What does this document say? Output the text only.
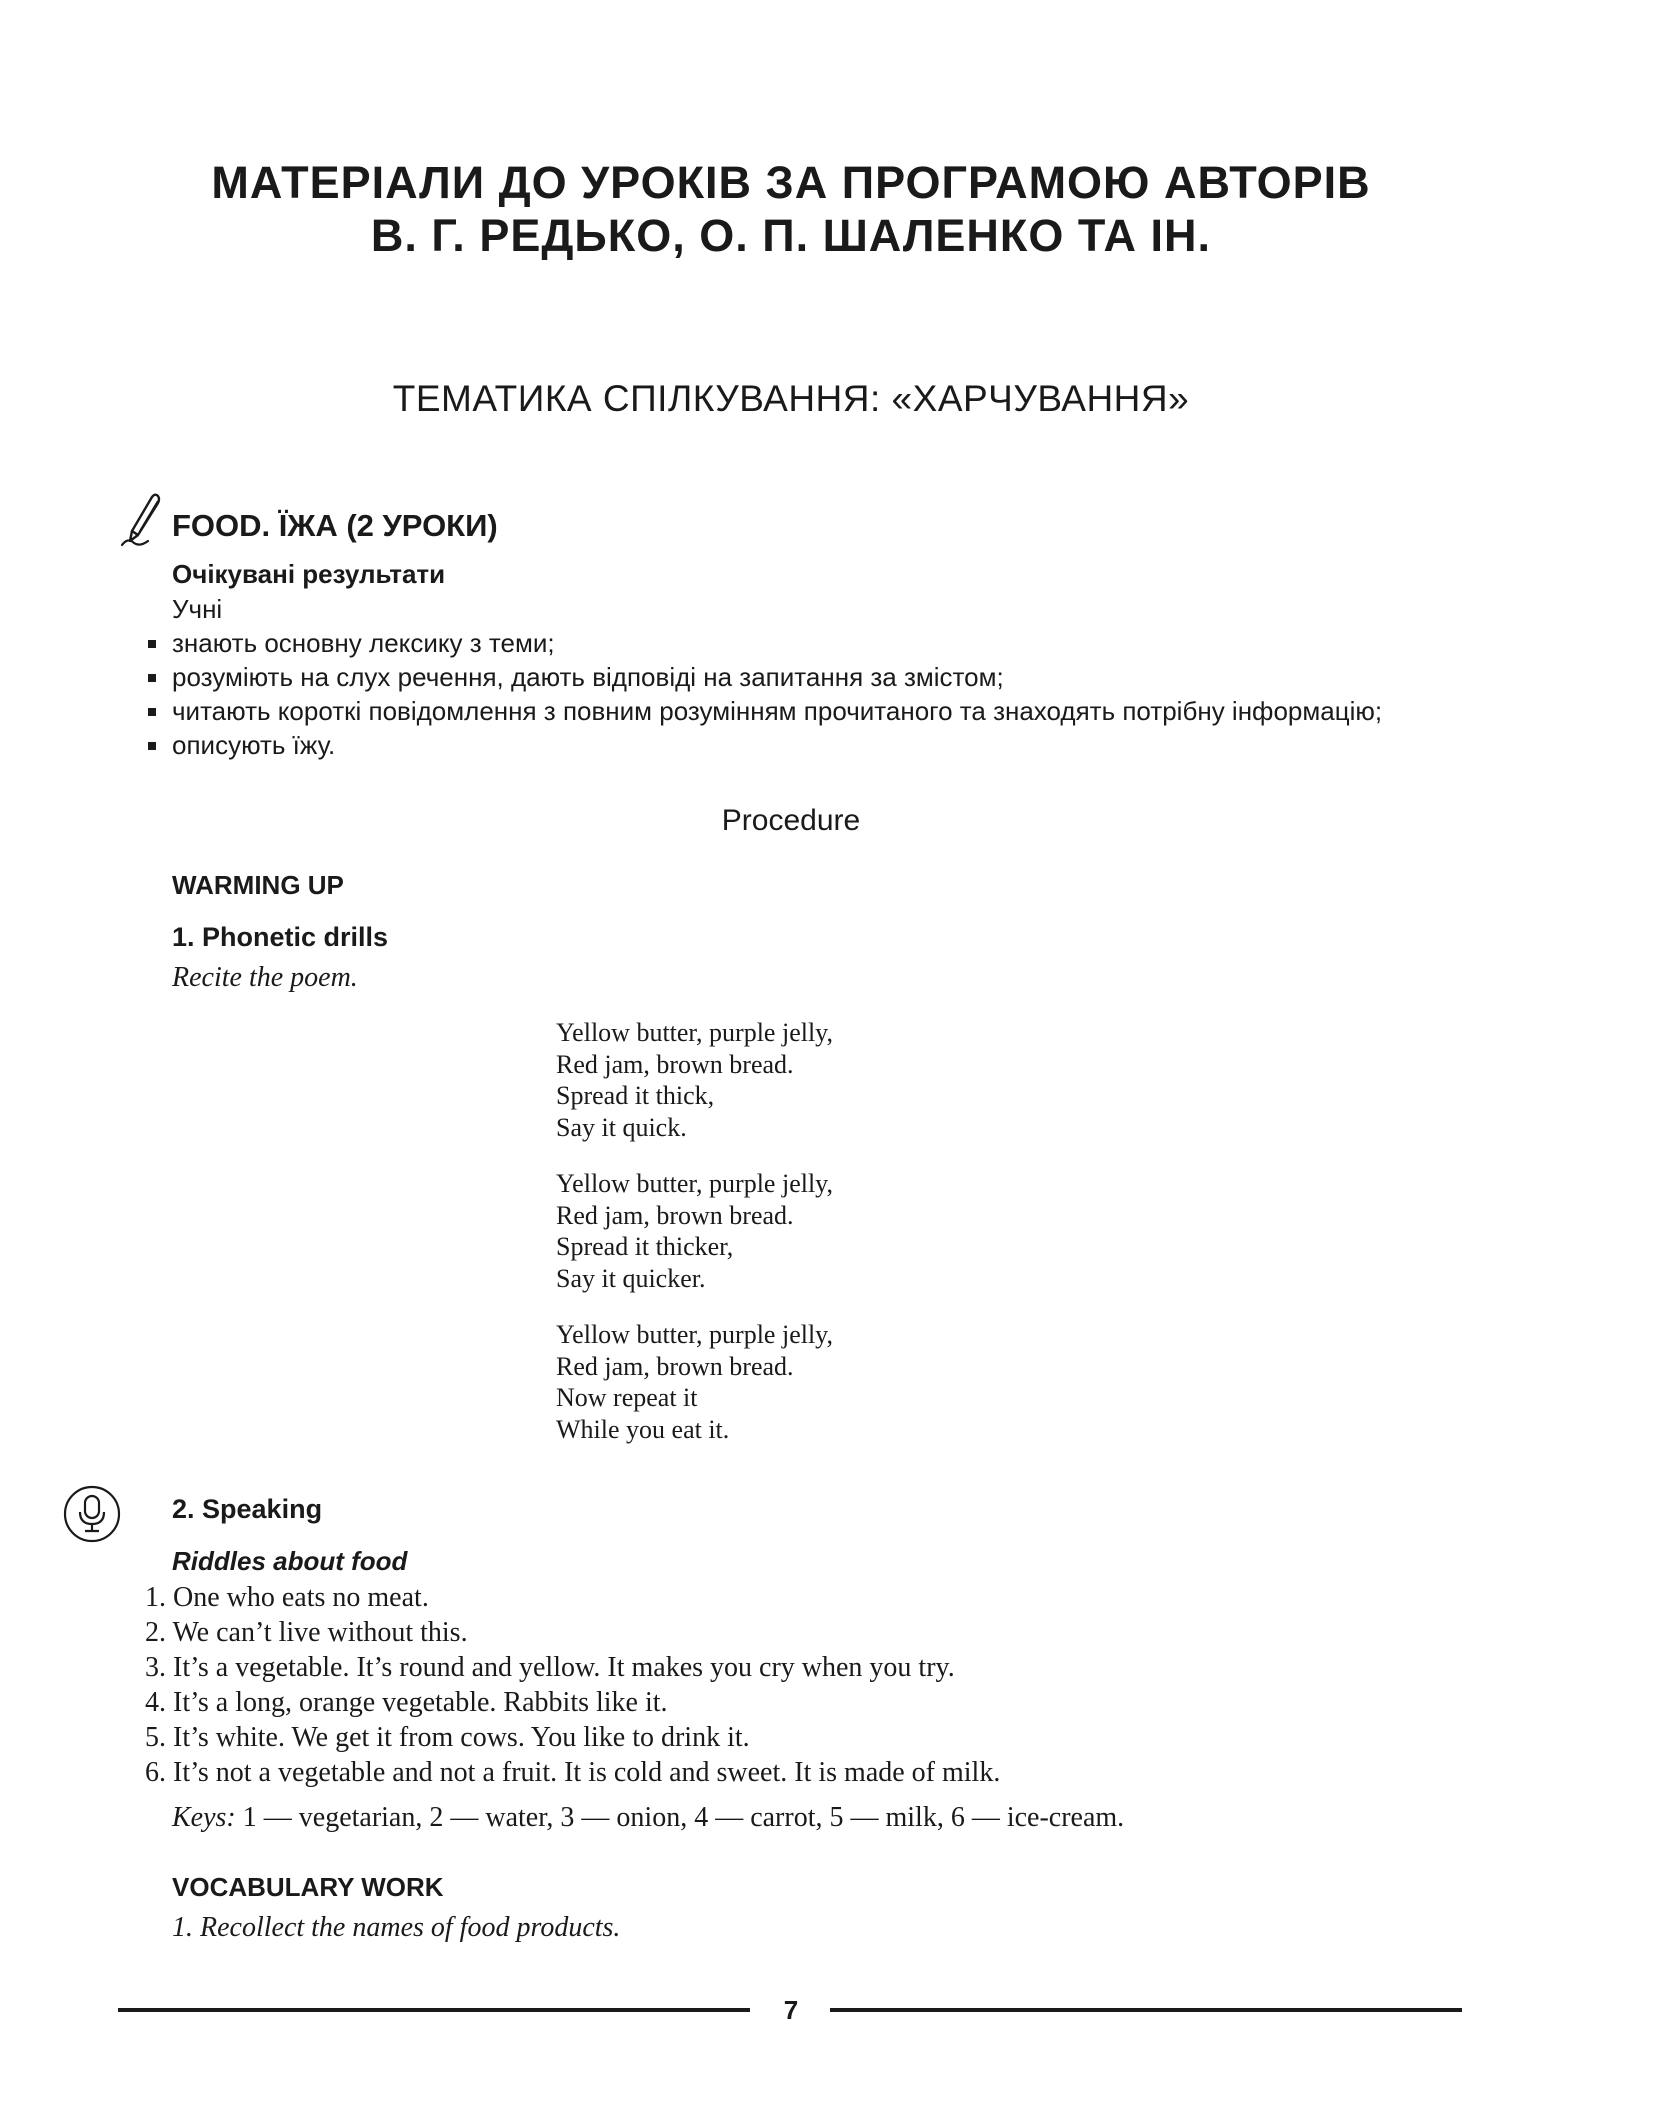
МАТЕРІАЛИ ДО УРОКІВ ЗА ПРОГРАМОЮ АВТОРІВ
В. Г. РЕДЬКО, О. П. ШАЛЕНКО ТА ІН.
ТЕМАТИКА СПІЛКУВАННЯ: «ХАРЧУВАННЯ»
FOOD. ЇЖА (2 УРОКИ)
Очікувані результати
Учні
знають основну лексику з теми;
розуміють на слух речення, дають відповіді на запитання за змістом;
читають короткі повідомлення з повним розумінням прочитаного та знаходять потрібну інформацію;
описують їжу.
Procedure
WARMING UP
1. Phonetic drills
Recite the poem.
Yellow butter, purple jelly,
Red jam, brown bread.
Spread it thick,
Say it quick.
Yellow butter, purple jelly,
Red jam, brown bread.
Spread it thicker,
Say it quicker.
Yellow butter, purple jelly,
Red jam, brown bread.
Now repeat it
While you eat it.
2. Speaking
Riddles about food
1. One who eats no meat.
2. We can’t live without this.
3. It’s a vegetable. It’s round and yellow. It makes you cry when you try.
4. It’s a long, orange vegetable. Rabbits like it.
5. It’s white. We get it from cows. You like to drink it.
6. It’s not a vegetable and not a fruit. It is cold and sweet. It is made of milk.
Keys: 1 — vegetarian, 2 — water, 3 — onion, 4 — carrot, 5 — milk, 6 — ice-cream.
VOCABULARY WORK
1. Recollect the names of food products.
7
